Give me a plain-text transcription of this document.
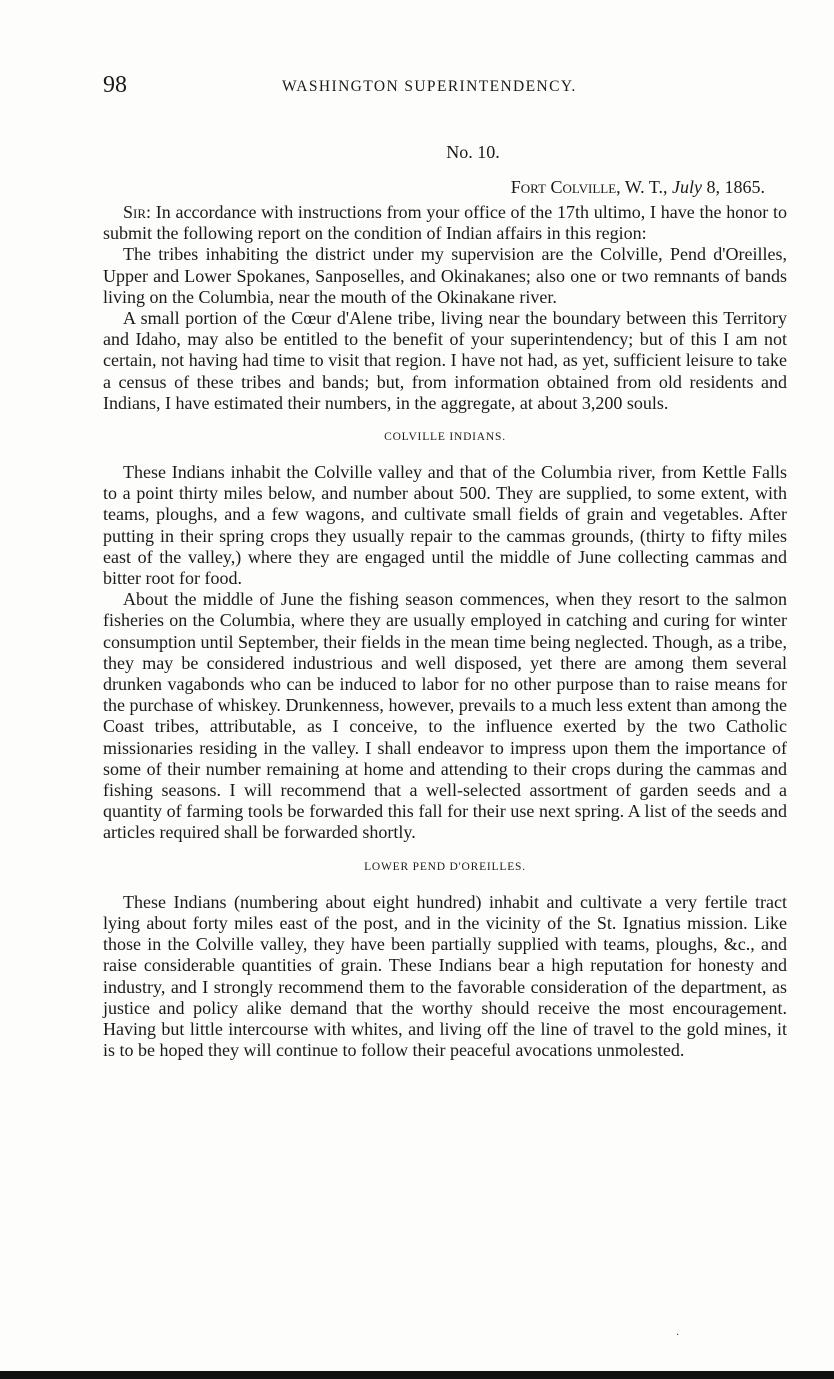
98	WASHINGTON SUPERINTENDENCY.
No. 10.
Fort Colville, W. T., July 8, 1865.

Sir: In accordance with instructions from your office of the 17th ultimo, I have the honor to submit the following report on the condition of Indian affairs in this region:

The tribes inhabiting the district under my supervision are the Colville, Pend d'Oreilles, Upper and Lower Spokanes, Sanposelles, and Okinakanes; also one or two remnants of bands living on the Columbia, near the mouth of the Okinakane river.

A small portion of the Cœur d'Alene tribe, living near the boundary between this Territory and Idaho, may also be entitled to the benefit of your superintendency; but of this I am not certain, not having had time to visit that region. I have not had, as yet, sufficient leisure to take a census of these tribes and bands; but, from information obtained from old residents and Indians, I have estimated their numbers, in the aggregate, at about 3,200 souls.

COLVILLE INDIANS.

These Indians inhabit the Colville valley and that of the Columbia river, from Kettle Falls to a point thirty miles below, and number about 500. They are supplied, to some extent, with teams, ploughs, and a few wagons, and cultivate small fields of grain and vegetables. After putting in their spring crops they usually repair to the cammas grounds, (thirty to fifty miles east of the valley,) where they are engaged until the middle of June collecting cammas and bitter root for food.

About the middle of June the fishing season commences, when they resort to the salmon fisheries on the Columbia, where they are usually employed in catching and curing for winter consumption until September, their fields in the mean time being neglected. Though, as a tribe, they may be considered industrious and well disposed, yet there are among them several drunken vagabonds who can be induced to labor for no other purpose than to raise means for the purchase of whiskey. Drunkenness, however, prevails to a much less extent than among the Coast tribes, attributable, as I conceive, to the influence exerted by the two Catholic missionaries residing in the valley. I shall endeavor to impress upon them the importance of some of their number remaining at home and attending to their crops during the cammas and fishing seasons. I will recommend that a well-selected assortment of garden seeds and a quantity of farming tools be forwarded this fall for their use next spring. A list of the seeds and articles required shall be forwarded shortly.

LOWER PEND D'OREILLES.

These Indians (numbering about eight hundred) inhabit and cultivate a very fertile tract lying about forty miles east of the post, and in the vicinity of the St. Ignatius mission. Like those in the Colville valley, they have been partially supplied with teams, ploughs, &c., and raise considerable quantities of grain. These Indians bear a high reputation for honesty and industry, and I strongly recommend them to the favorable consideration of the department, as justice and policy alike demand that the worthy should receive the most encouragement. Having but little intercourse with whites, and living off the line of travel to the gold mines, it is to be hoped they will continue to follow their peaceful avocations unmolested.

·
